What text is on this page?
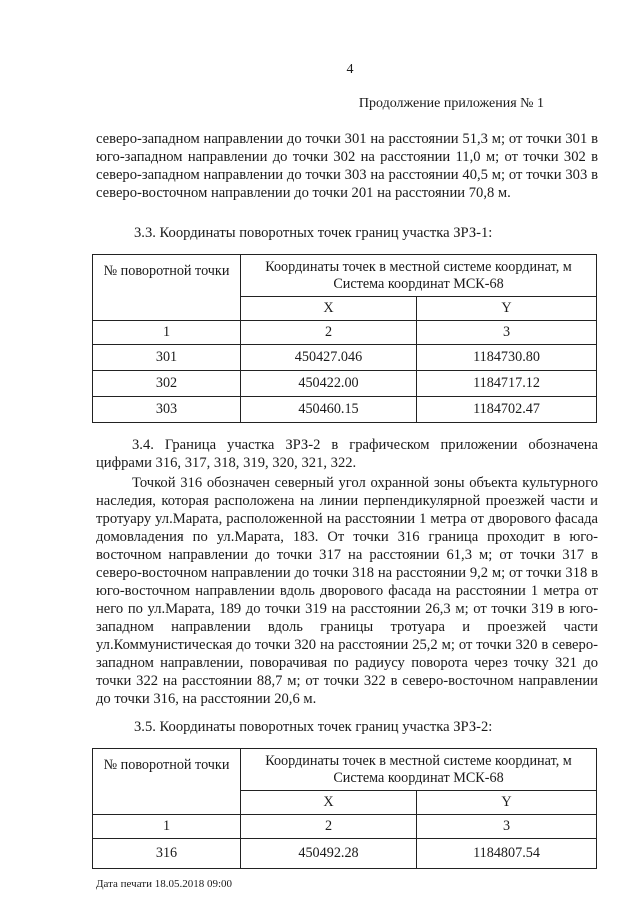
4
Продолжение приложения № 1

северо-западном направлении до точки 301 на расстоянии 51,3 м; от точки 301 в юго-западном направлении до точки 302 на расстоянии 11,0 м; от точки 302 в северо-западном направлении до точки 303 на расстоянии 40,5 м; от точки 303 в северо-восточном направлении до точки 201 на расстоянии 70,8 м.

3.3. Координаты поворотных точек границ участка ЗРЗ-1:

№ поворотной точки	Координаты точек в местной системе координат, м
Система координат МСК-68	

	X	Y
1	2	3
301	450427.046	1184730.80
302	450422.00	1184717.12
303	450460.15	1184702.47

3.4. Граница участка ЗРЗ-2 в графическом приложении обозначена цифрами 316, 317, 318, 319, 320, 321, 322.

Точкой 316 обозначен северный угол охранной зоны объекта культурного наследия, которая расположена на линии перпендикулярной проезжей части и тротуару ул.Марата, расположенной на расстоянии 1 метра от дворового фасада домовладения по ул.Марата, 183. От точки 316 граница проходит в юго-восточном направлении до точки 317 на расстоянии 61,3 м; от точки 317 в северо-восточном направлении до точки 318 на расстоянии 9,2 м; от точки 318 в юго-восточном направлении вдоль дворового фасада на расстоянии 1 метра от него по ул.Марата, 189 до точки 319 на расстоянии 26,3 м; от точки 319 в юго-западном направлении вдоль границы тротуара и проезжей части ул.Коммунистическая до точки 320 на расстоянии 25,2 м; от точки 320 в северо-западном направлении, поворачивая по радиусу поворота через точку 321 до точки 322 на расстоянии 88,7 м; от точки 322 в северо-восточном направлении до точки 316, на расстоянии 20,6 м.

3.5. Координаты поворотных точек границ участка ЗРЗ-2:

№ поворотной точки	Координаты точек в местной системе координат, м
Система координат МСК-68	

	X	Y
1	2	3
316	450492.28	1184807.54
Дата печати 18.05.2018 09:00
